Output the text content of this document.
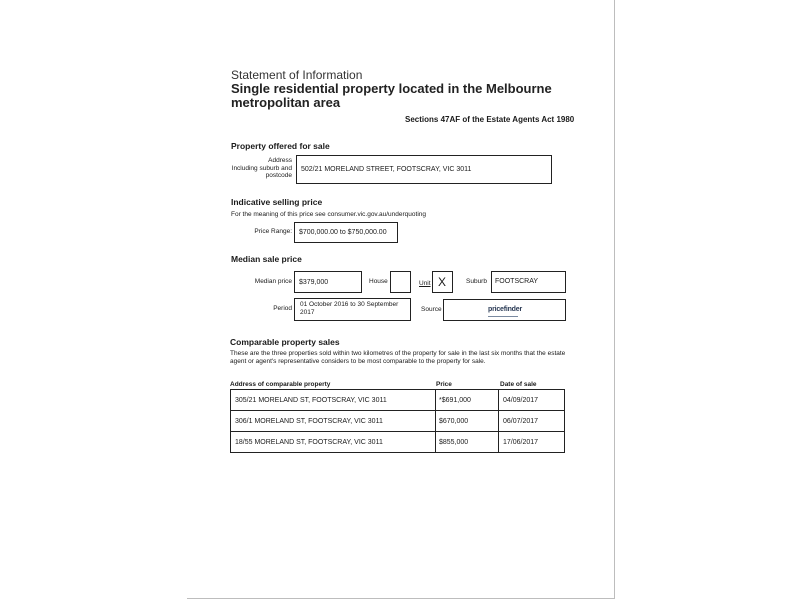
Statement of Information
Single residential property located in the Melbourne
metropolitan area
Sections 47AF of the Estate Agents Act 1980
Property offered for sale
Address
Including suburb and
postcode
502/21 MORELAND STREET, FOOTSCRAY, VIC 3011
Indicative selling price
For the meaning of this price see consumer.vic.gov.au/underquoting
Price Range: $700,000.00 to $750,000.00
Median sale price
Median price $379,000	House	Unit X	Suburb FOOTSCRAY
Period
01 October 2016 to 30 September
2017	Source	pricefinder
Comparable property sales
These are the three properties sold within two kilometres of the property for sale in the last six months that the estate
agent or agent's representative considers to be most comparable to the property for sale.
Address of comparable property	Price	Date of sale
305/21 MORELAND ST, FOOTSCRAY, VIC 3011	*$691,000	04/09/2017
306/1 MORELAND ST, FOOTSCRAY, VIC 3011	$670,000	06/07/2017
18/55 MORELAND ST, FOOTSCRAY, VIC 3011	$855,000	17/06/2017
